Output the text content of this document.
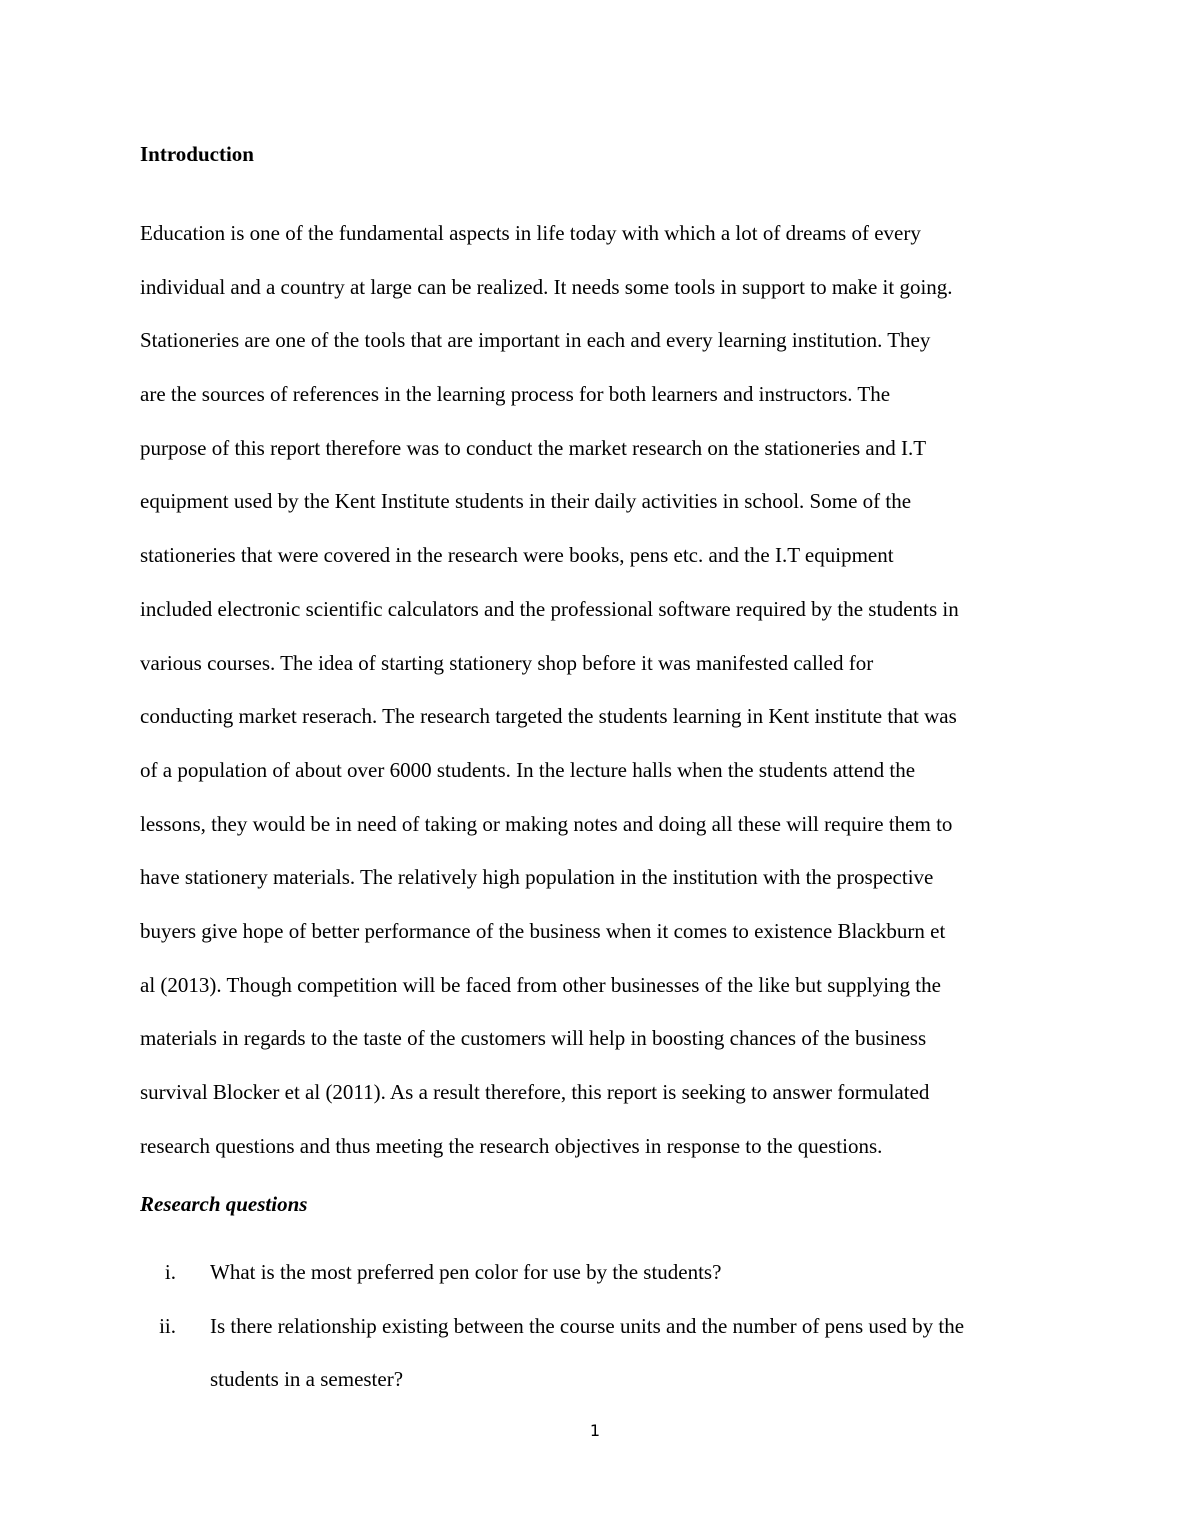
Introduction
Education is one of the fundamental aspects in life today with which a lot of dreams of every
individual and a country at large can be realized. It needs some tools in support to make it going.
Stationeries are one of the tools that are important in each and every learning institution. They
are the sources of references in the learning process for both learners and instructors. The
purpose of this report therefore was to conduct the market research on the stationeries and I.T
equipment used by the Kent Institute students in their daily activities in school. Some of the
stationeries that were covered in the research were books, pens etc. and the I.T equipment
included electronic scientific calculators and the professional software required by the students in
various courses. The idea of starting stationery shop before it was manifested called for
conducting market reserach. The research targeted the students learning in Kent institute that was
of a population of about over 6000 students. In the lecture halls when the students attend the
lessons, they would be in need of taking or making notes and doing all these will require them to
have stationery materials. The relatively high population in the institution with the prospective
buyers give hope of better performance of the business when it comes to existence Blackburn et
al (2013). Though competition will be faced from other businesses of the like but supplying the
materials in regards to the taste of the customers will help in boosting chances of the business
survival Blocker et al (2011). As a result therefore, this report is seeking to answer formulated
research questions and thus meeting the research objectives in response to the questions.
Research questions
i. What is the most preferred pen color for use by the students?
ii. Is there relationship existing between the course units and the number of pens used by the
students in a semester?
1
